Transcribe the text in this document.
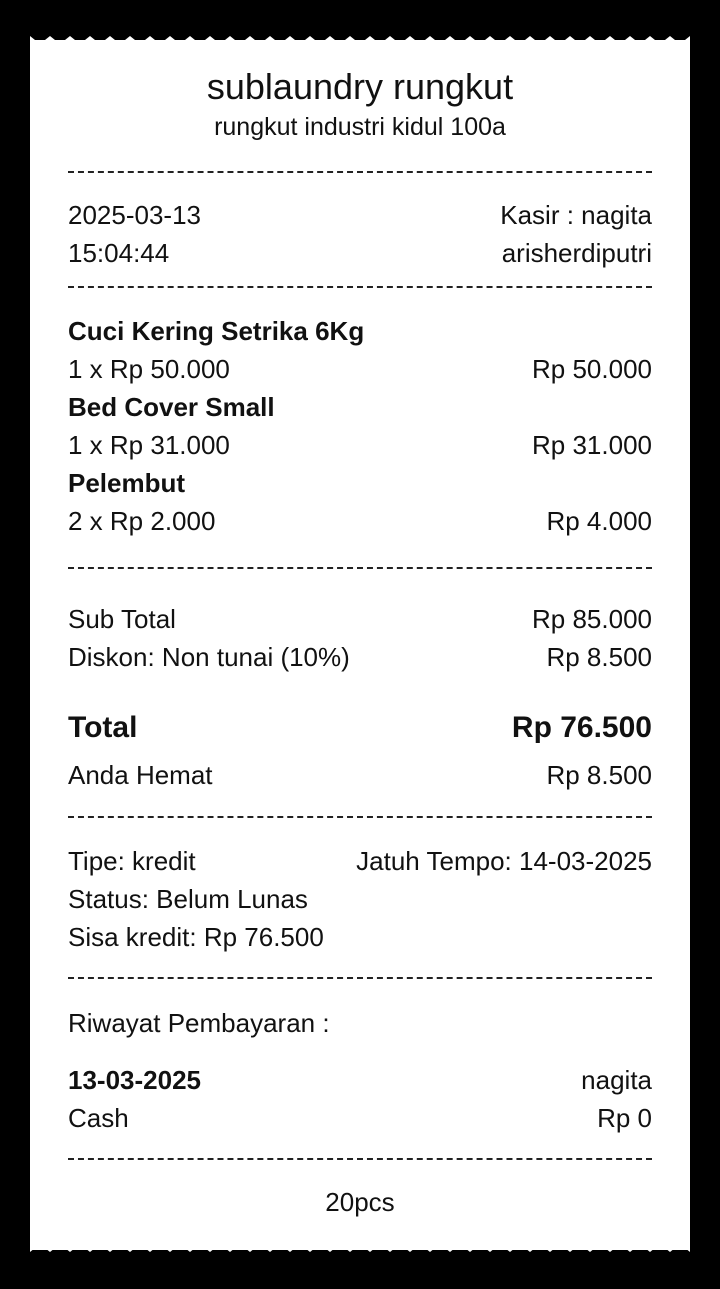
sublaundry rungkut
rungkut industri kidul 100a
2025-03-13	Kasir : nagita
15:04:44	arisherdiputri
Cuci Kering Setrika 6Kg
1 x Rp 50.000	Rp 50.000
Bed Cover Small
1 x Rp 31.000	Rp 31.000
Pelembut
2 x Rp 2.000	Rp 4.000
Sub Total	Rp 85.000
Diskon: Non tunai (10%)	Rp 8.500
Total	Rp 76.500
Anda Hemat	Rp 8.500
Tipe: kredit	Jatuh Tempo: 14-03-2025
Status: Belum Lunas
Sisa kredit: Rp 76.500
Riwayat Pembayaran :
13-03-2025	nagita
Cash	Rp 0
20pcs
